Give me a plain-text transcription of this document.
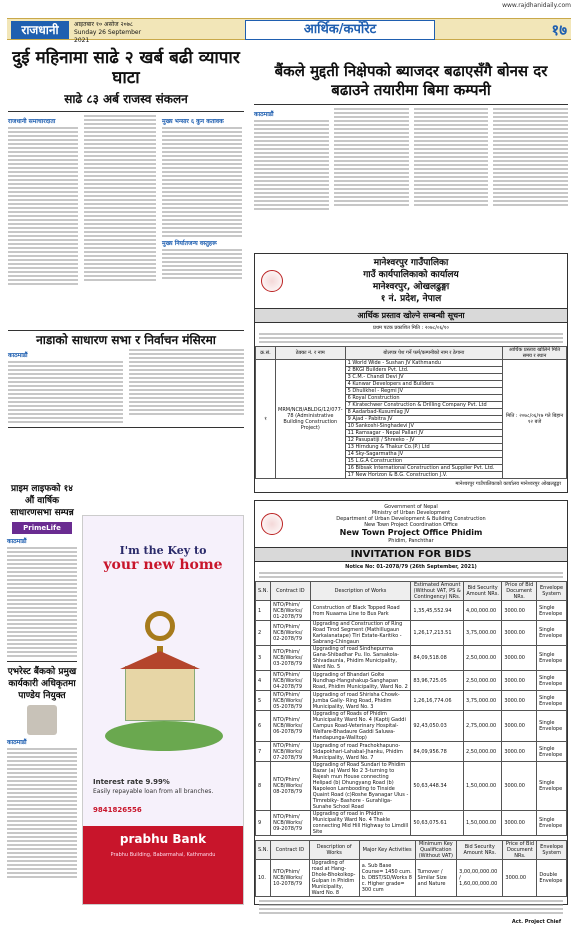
www.rajdhanidaily.com
राजधानी	आइतबार १० असोज २०७८
Sunday 26 September 2021
आर्थिक/कर्पोरेट	१७
दुई महिनामा साढे २ खर्ब बढी व्यापार घाटा
साढे ८३ अर्ब राजस्व संकलन
राजधानी समाचारदाता	मुख्य भन्सार ६ कुन कतावक
मुख्य निर्यातजन्य वस्तुहरू
नाडाको साधारण सभा र निर्वाचन मंसिरमा
काठमाडौं
प्राइम लाइफको १४ औं वार्षिक साधारणसभा सम्पन्न
PrimeLife
काठमाडौं
एभरेस्ट बैंकको प्रमुख कार्यकारी अधिकृतमा पाण्डेय नियुक्त
काठमाडौं
I'm the Key to
your new home
Interest rate 9.99%
Easily repayable loan from all branches.
9841826556
prabhu Bank
Prabhu Building, Babarmahal, Kathmandu
बैंकले मुद्दती निक्षेपको ब्याजदर बढाएसँगै बोनस दर बढाउने तयारीमा बिमा कम्पनी
काठमाडौं
मानेश्वरपुर गाउँपालिका
गाउँ कार्यपालिकाको कार्यालय
मानेश्वरपुर, ओखलढुङ्गा
१ नं. प्रदेश, नेपाल
आर्थिक प्रस्ताव खोल्ने सम्बन्धी सूचना
प्रथम पटक प्रकाशित मिति : २०७८/०६/१०
क्र.सं.	ठेक्का नं. र नाम	बोलपत्र पेश गर्ने फर्म/कम्पनीको नाम र ठेगाना	आर्थिक प्रस्ताव खोलिने मिति समय र स्थान
१	MRM/NCB/ABLDG/12/077-78 (Administrative Building Construction Project)	1 World Wide - Sushan JV Kathmandu	मिति : २०७८/०६/१७ गते बिहान १२ बजे
		2 BKGI Builders Pvt. Ltd.	
		3 C.M.- Chandi Devi JV	
		4 Kunwar Developers and Builders	
		5 Dhulikhel - Regmi JV	
		6 Royal Construction	
		7 Kiratechwer Construction & Drilling Company Pvt. Ltd	
		8 Aadarbad-Kusumlag JV	
		9 Ajad - Pabitra JV	
		10 Sankoshi-Singhadevi JV	
		11 Ramsagar - Nepal Pallari JV	
		12 Pasupatiji / Shreeko - JV	
		13 Hirndung & Thakur Co.(P.) Ltd	
		14 Sky-Sagarmatha JV	
		15 L.G.A Construction	
		16 Bibsak International Construction and Supplier Pvt. Ltd.	
		17 New Horizon & B.G. Construction J.V.	
मानेश्वरपुर गाउँपालिकाको कार्यालय मानेश्वरपुर ओखलढुङ्गा
Government of Nepal
Ministry of Urban Development
Department of Urban Development & Building Construction
New Town Project Coordination Office
New Town Project Office Phidim
Phidim, Panchthar
INVITATION FOR BIDS
Notice No: 01-2078/79 (26th September, 2021)
S.N.	Contract ID	Description of Works	Estimated Amount (Without VAT, PS & Contingency) NRs.	Bid Security Amount NRs.	Price of Bid Document NRs.	Envelope System
1	NTO/Phim/ NCB/Works/ 01-2078/79	Construction of Black Topped Road from Nuaama Line to Bus Park	1,35,45,552.94	4,00,000.00	3000.00	Single Envelope
2	NTO/Phim/ NCB/Works/ 02-2078/79	Upgrading and Construction of Ring Road Tirod Segment (Mathillugaun Karkalanatape) Tiri Estate-Karitiko -Sabrang-Chingaun	1,26,17,213.51	3,75,000.00	3000.00	Single Envelope
3	NTO/Phim/ NCB/Works/ 03-2078/79	Upgrading of road Sindhepurma Gana-Shibadhar Pu. Ilo. Sarsakola-Shivadaunla, Phidim Municipality, Ward No. 5	84,09,518.08	2,50,000.00	3000.00	Single Envelope
4	NTO/Phim/ NCB/Works/ 04-2078/79	Upgrading of Bhandari Golte Nundhap-Hangshakup-Sanghapan Road, Phidim Municipality, Ward No. 2	83,96,725.05	2,50,000.00	3000.00	Single Envelope
5	NTO/Phim/ NCB/Works/ 05-2078/79	Upgrading of road Shirisha Chowk-Jumba Gaily- Ring Road, Phidim Municipality, Ward No. 3	1,26,16,774.06	3,75,000.00	3000.00	Single Envelope
6	NTO/Phim/ NCB/Works/ 06-2078/79	Upgrading of Roads of Phidim Municipality Ward No. 4 (Kaptij Gaddi Campus Road-Veterinary Hospital-Welfare-Bhadaure Gaddi Saluwa-Handapunga-Walltop)	92,43,050.03	2,75,000.00	3000.00	Single Envelope
7	NTO/Phim/ NCB/Works/ 07-2078/79	Upgrading of road Prachokhapuno-Sidapokhari-Lahabal-Jhanku, Phidim Municipality, Ward No. 7	84,09,956.78	2,50,000.00	3000.00	Single Envelope
8	NTO/Phim/ NCB/Works/ 08-2078/79	Upgrading of Road Sundari to Phidim Bazar (a) Ward No 2 3-turning to Rajesh mun House connecting Helipad (b) Dhungyang Road (b) Napoleon Lambooding to Tinside Quaint Road (c)Roshe Byanagar Ulus - Timrebiky- Bashore - Gurahliga- Sunahe School Road	50,63,448.34	1,50,000.00	3000.00	Single Envelope
9	NTO/Phim/ NCB/Works/ 09-2078/79	Upgrading of road in Phidim Municipality Ward No. 4 Thakle connecting Mid Hill Highway to Limdill Site	50,63,075.61	1,50,000.00	3000.00	Single Envelope
S.N.	Contract ID	Description of Works	Major Key Activities	Minimum Key Qualification (Without VAT)	Bid Security Amount NRs.	Price of Bid Document NRs.	Envelope System
10.	NTO/Phim/ NCB/Works/ 10-2078/79	Upgrading of road at Hang-Dhole-Bhokolkop-Gulpan in Phidim Municipality, Ward No. 8	a. Sub Base Course= 1450 cum. b. DBST/SD/Works 8 c. Higher grade= 300 cum	Turnover / Similar Size and Nature	3,00,00,000.00 / 1,60,00,000.00	3000.00	Double Envelope
Act. Project Chief
